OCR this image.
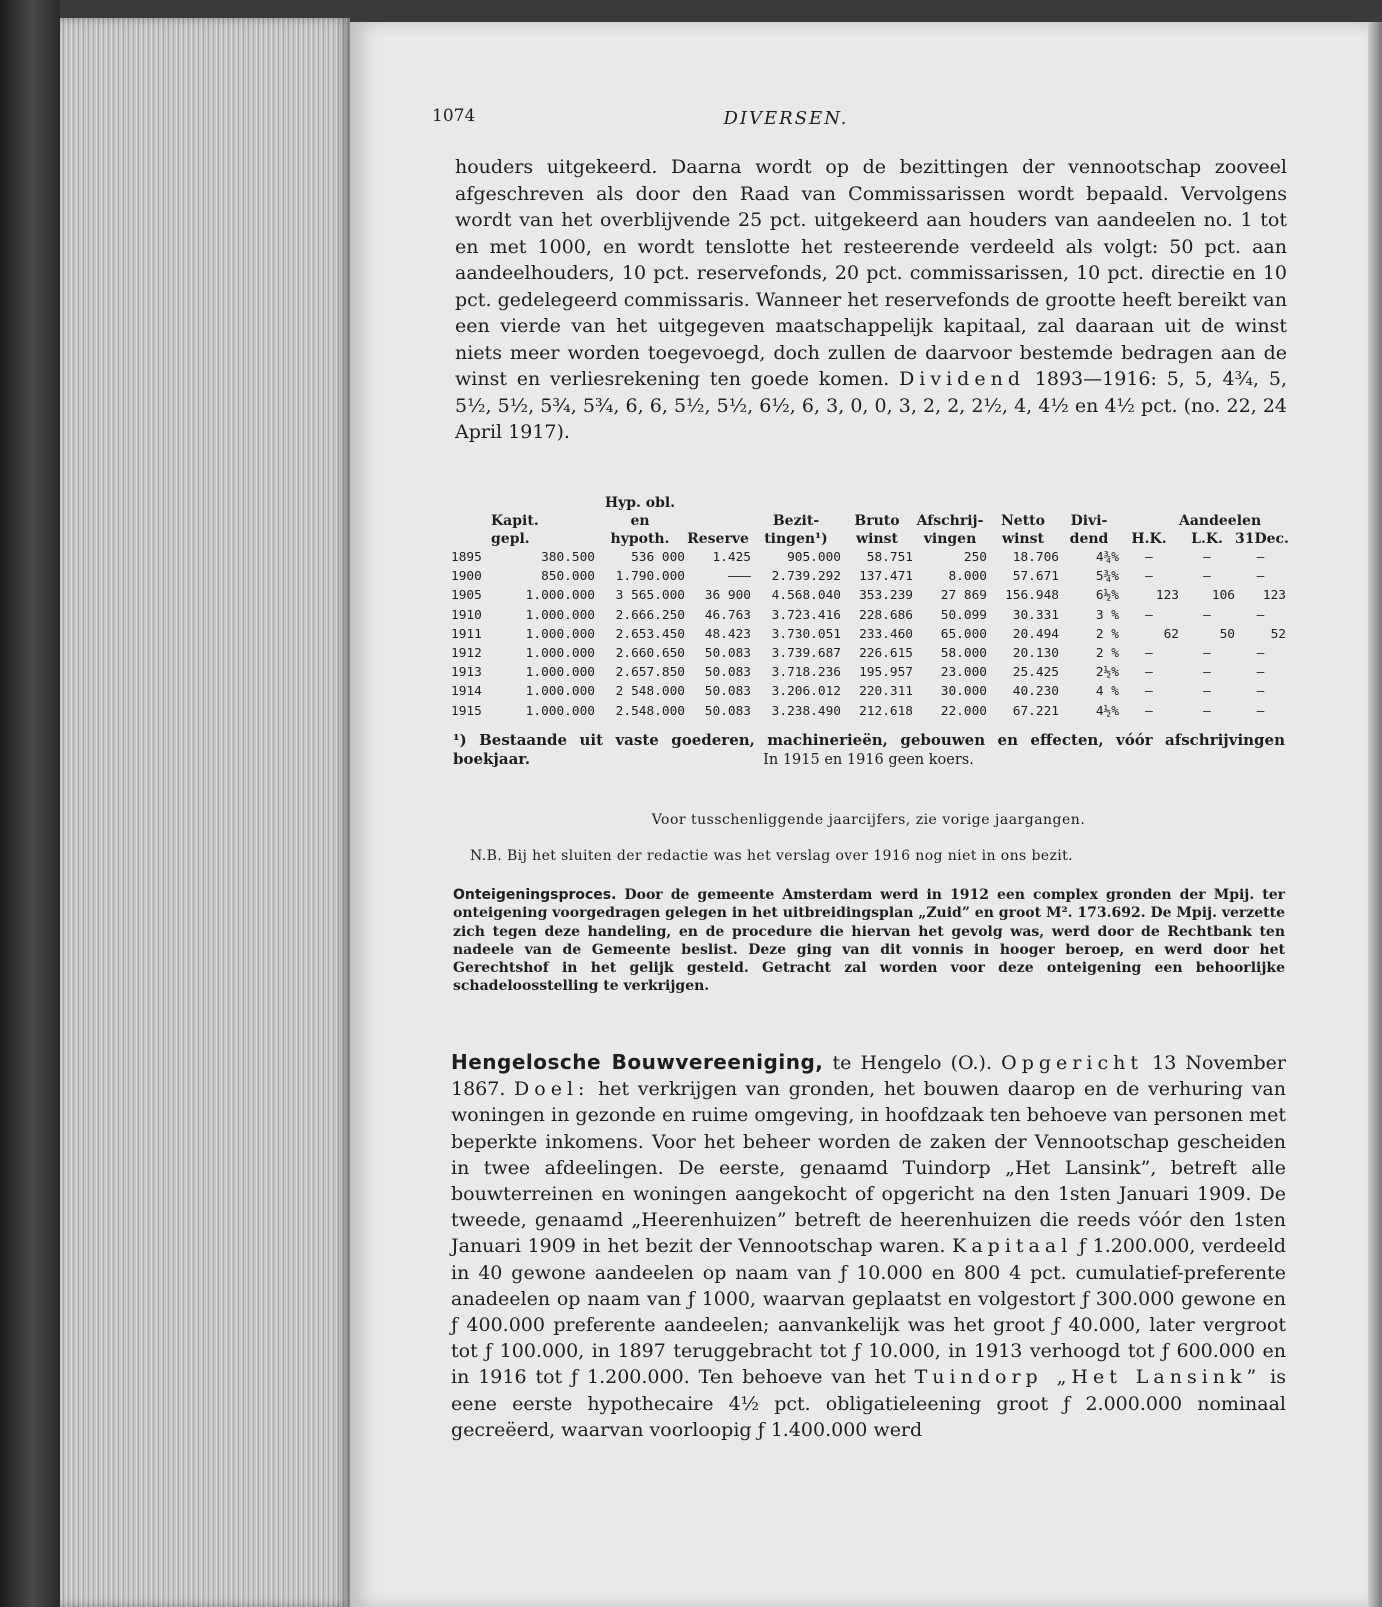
1074	DIVERSEN.
houders uitgekeerd. Daarna wordt op de bezittingen der vennootschap zooveel afgeschreven als door den Raad van Commissarissen wordt bepaald. Vervolgens wordt van het overblijvende 25 pct. uitgekeerd aan houders van aandeelen no. 1 tot en met 1000, en wordt tenslotte het resteerende verdeeld als volgt: 50 pct. aan aandeelhouders, 10 pct. reservefonds, 20 pct. commissarissen, 10 pct. directie en 10 pct. gedelegeerd commissaris. Wanneer het reservefonds de grootte heeft bereikt van een vierde van het uitgegeven maatschappelijk kapitaal, zal daaraan uit de winst niets meer worden toegevoegd, doch zullen de daarvoor bestemde bedragen aan de winst en verliesrekening ten goede komen. Dividend 1893—1916: 5, 5, 4¾, 5, 5½, 5½, 5¾, 5¾, 6, 6, 5½, 5½, 6½, 6, 3, 0, 0, 3, 2, 2, 2½, 4, 4½ en 4½ pct. (no. 22, 24 April 1917).
		Hyp. obl.									
	Kapit.	en		Bezit-	Bruto	Afschrij-	Netto	Divi-		Aandeelen	
	gepl.	hypoth.	Reserve	tingen¹)	winst	vingen	winst	dend	H.K.	L.K.	31Dec.
1895	380.500	536 000	1.425	905.000	58.751	250	18.706	4¾%	—	—	—
1900	850.000	1.790.000	———	2.739.292	137.471	8.000	57.671	5¾%	—	—	—
1905	1.000.000	3 565.000	36 900	4.568.040	353.239	27 869	156.948	6½%	123	106	123
1910	1.000.000	2.666.250	46.763	3.723.416	228.686	50.099	30.331	3 %	—	—	—
1911	1.000.000	2.653.450	48.423	3.730.051	233.460	65.000	20.494	2 %	62	50	52
1912	1.000.000	2.660.650	50.083	3.739.687	226.615	58.000	20.130	2 %	—	—	—
1913	1.000.000	2.657.850	50.083	3.718.236	195.957	23.000	25.425	2½%	—	—	—
1914	1.000.000	2 548.000	50.083	3.206.012	220.311	30.000	40.230	4 %	—	—	—
1915	1.000.000	2.548.000	50.083	3.238.490	212.618	22.000	67.221	4½%	—	—	—
¹) Bestaande uit vaste goederen, machinerieën, gebouwen en effecten, vóór afschrijvingen boekjaar.	In 1915 en 1916 geen koers.
Voor tusschenliggende jaarcijfers, zie vorige jaargangen.
N.B. Bij het sluiten der redactie was het verslag over 1916 nog niet in ons bezit.
Onteigeningsproces. Door de gemeente Amsterdam werd in 1912 een complex gronden der Mpij. ter onteigening voorgedragen gelegen in het uitbreidingsplan „Zuid” en groot M². 173.692. De Mpij. verzette zich tegen deze handeling, en de procedure die hiervan het gevolg was, werd door de Rechtbank ten nadeele van de Gemeente beslist. Deze ging van dit vonnis in hooger beroep, en werd door het Gerechtshof in het gelijk gesteld. Getracht zal worden voor deze onteigening een behoorlijke schadeloosstelling te verkrijgen.
Hengelosche Bouwvereeniging, te Hengelo (O.). Opgericht 13 November 1867. Doel: het verkrijgen van gronden, het bouwen daarop en de verhuring van woningen in gezonde en ruime omgeving, in hoofdzaak ten behoeve van personen met beperkte inkomens. Voor het beheer worden de zaken der Vennootschap gescheiden in twee afdeelingen. De eerste, genaamd Tuindorp „Het Lansink”, betreft alle bouwterreinen en woningen aangekocht of opgericht na den 1sten Januari 1909. De tweede, genaamd „Heerenhuizen” betreft de heerenhuizen die reeds vóór den 1sten Januari 1909 in het bezit der Vennootschap waren. Kapitaal ƒ 1.200.000, verdeeld in 40 gewone aandeelen op naam van ƒ 10.000 en 800 4 pct. cumulatief-preferente anadeelen op naam van ƒ 1000, waarvan geplaatst en volgestort ƒ 300.000 gewone en ƒ 400.000 preferente aandeelen; aanvankelijk was het groot ƒ 40.000, later vergroot tot ƒ 100.000, in 1897 teruggebracht tot ƒ 10.000, in 1913 verhoogd tot ƒ 600.000 en in 1916 tot ƒ 1.200.000. Ten behoeve van het Tuindorp „Het Lansink” is eene eerste hypothecaire 4½ pct. obligatieleening groot ƒ 2.000.000 nominaal gecreëerd, waarvan voorloopig ƒ 1.400.000 werd
